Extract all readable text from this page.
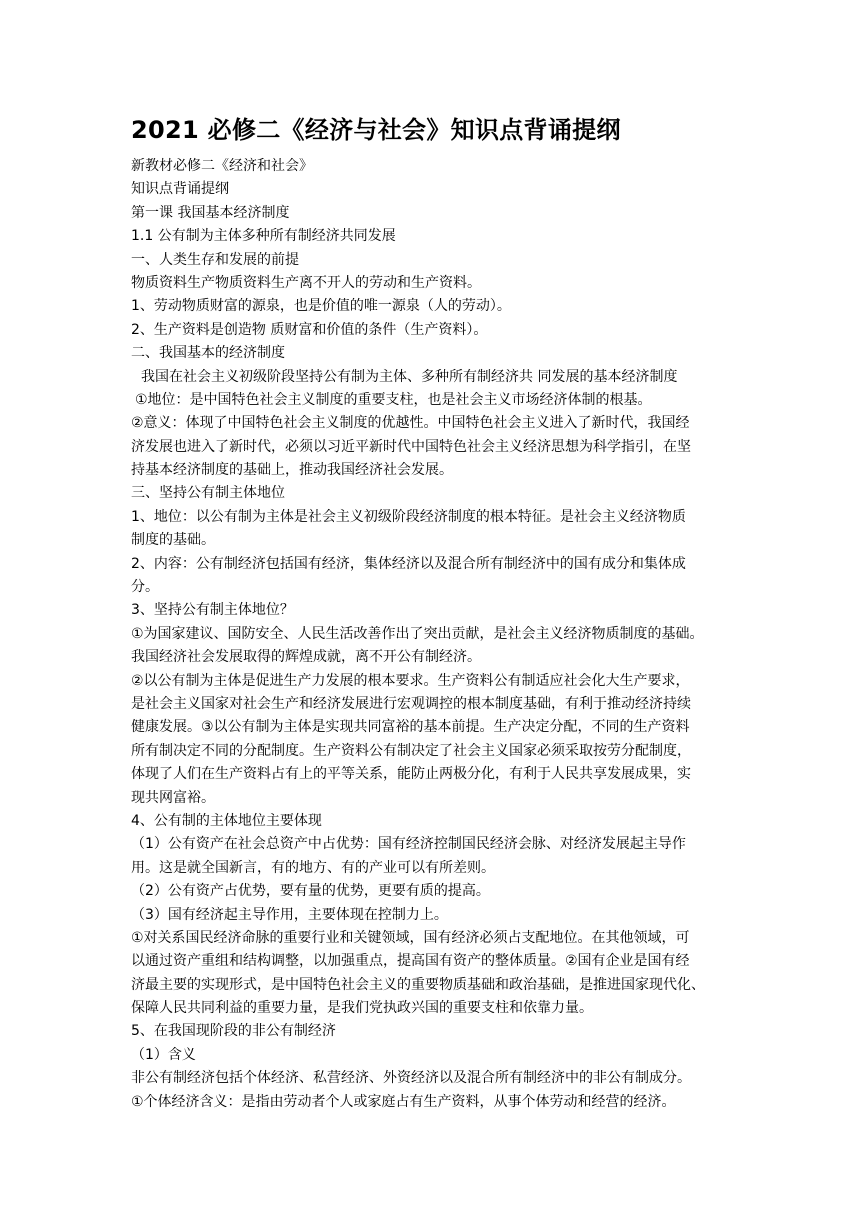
2021 必修二《经济与社会》知识点背诵提纲
新教材必修二《经济和社会》
知识点背诵提纲
第一课 我国基本经济制度
1.1 公有制为主体多种所有制经济共同发展
一、人类生存和发展的前提
物质资料生产物质资料生产离不开人的劳动和生产资料。
1、劳动物质财富的源泉，也是价值的唯一源泉（人的劳动）。
2、生产资料是创造物 质财富和价值的条件（生产资料）。
二、我国基本的经济制度
我国在社会主义初级阶段坚持公有制为主体、多种所有制经济共 同发展的基本经济制度
①地位：是中国特色社会主义制度的重要支柱，也是社会主义市场经济体制的根基。
②意义：体现了中国特色社会主义制度的优越性。中国特色社会主义进入了新时代，我国经
济发展也进入了新时代，必须以习近平新时代中国特色社会主义经济思想为科学指引，在坚
持基本经济制度的基础上，推动我国经济社会发展。
三、坚持公有制主体地位
1、地位：以公有制为主体是社会主义初级阶段经济制度的根本特征。是社会主义经济物质
制度的基础。
2、内容：公有制经济包括国有经济，集体经济以及混合所有制经济中的国有成分和集体成
分。
3、坚持公有制主体地位？
①为国家建议、国防安全、人民生活改善作出了突出贡献，是社会主义经济物质制度的基础。
我国经济社会发展取得的辉煌成就，离不开公有制经济。
②以公有制为主体是促进生产力发展的根本要求。生产资料公有制适应社会化大生产要求，
是社会主义国家对社会生产和经济发展进行宏观调控的根本制度基础，有利于推动经济持续
健康发展。③以公有制为主体是实现共同富裕的基本前提。生产决定分配，不同的生产资料
所有制决定不同的分配制度。生产资料公有制决定了社会主义国家必须采取按劳分配制度，
体现了人们在生产资料占有上的平等关系，能防止两极分化，有利于人民共享发展成果，实
现共网富裕。
4、公有制的主体地位主要体现
（1）公有资产在社会总资产中占优势：国有经济控制国民经济会脉、对经济发展起主导作
用。这是就全国新言，有的地方、有的产业可以有所差则。
（2）公有资产占优势，要有量的优势，更要有质的提高。
（3）国有经济起主导作用，主要体现在控制力上。
①对关系国民经济命脉的重要行业和关键领域，国有经济必须占支配地位。在其他领域，可
以通过资产重组和结构调整，以加强重点，提高国有资产的整体质量。②国有企业是国有经
济最主要的实现形式，是中国特色社会主义的重要物质基础和政治基础，是推进国家现代化、
保障人民共同利益的重要力量，是我们党执政兴国的重要支柱和依靠力量。
5、在我国现阶段的非公有制经济
（1）含义
非公有制经济包括个体经济、私营经济、外资经济以及混合所有制经济中的非公有制成分。
①个体经济含义：是指由劳动者个人或家庭占有生产资料，从事个体劳动和经营的经济。
